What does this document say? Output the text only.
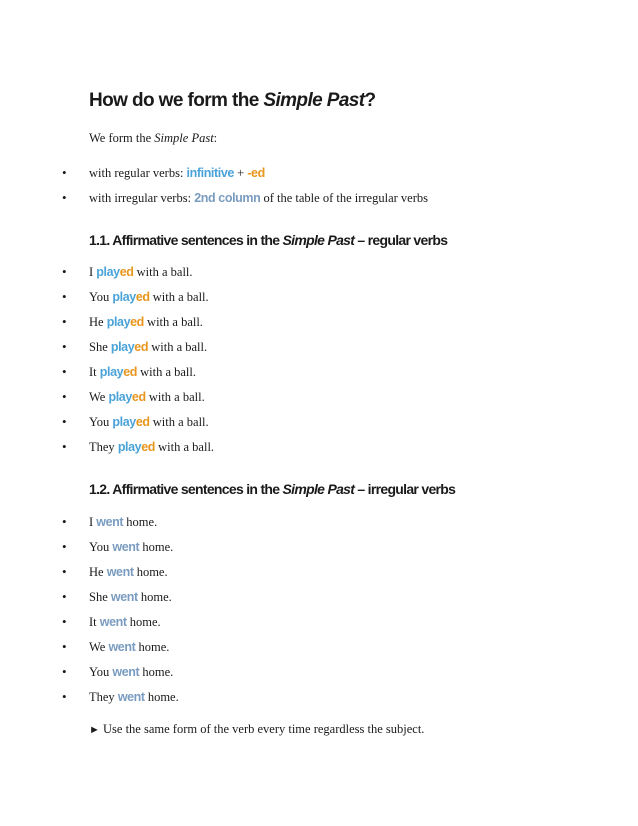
How do we form the Simple Past?
We form the Simple Past:
• with regular verbs: infinitive + -ed
• with irregular verbs: 2nd column of the table of the irregular verbs
1.1. Affirmative sentences in the Simple Past – regular verbs
• I played with a ball.
• You played with a ball.
• He played with a ball.
• She played with a ball.
• It played with a ball.
• We played with a ball.
• You played with a ball.
• They played with a ball.
1.2. Affirmative sentences in the Simple Past – irregular verbs
• I went home.
• You went home.
• He went home.
• She went home.
• It went home.
• We went home.
• You went home.
• They went home.
► Use the same form of the verb every time regardless the subject.
